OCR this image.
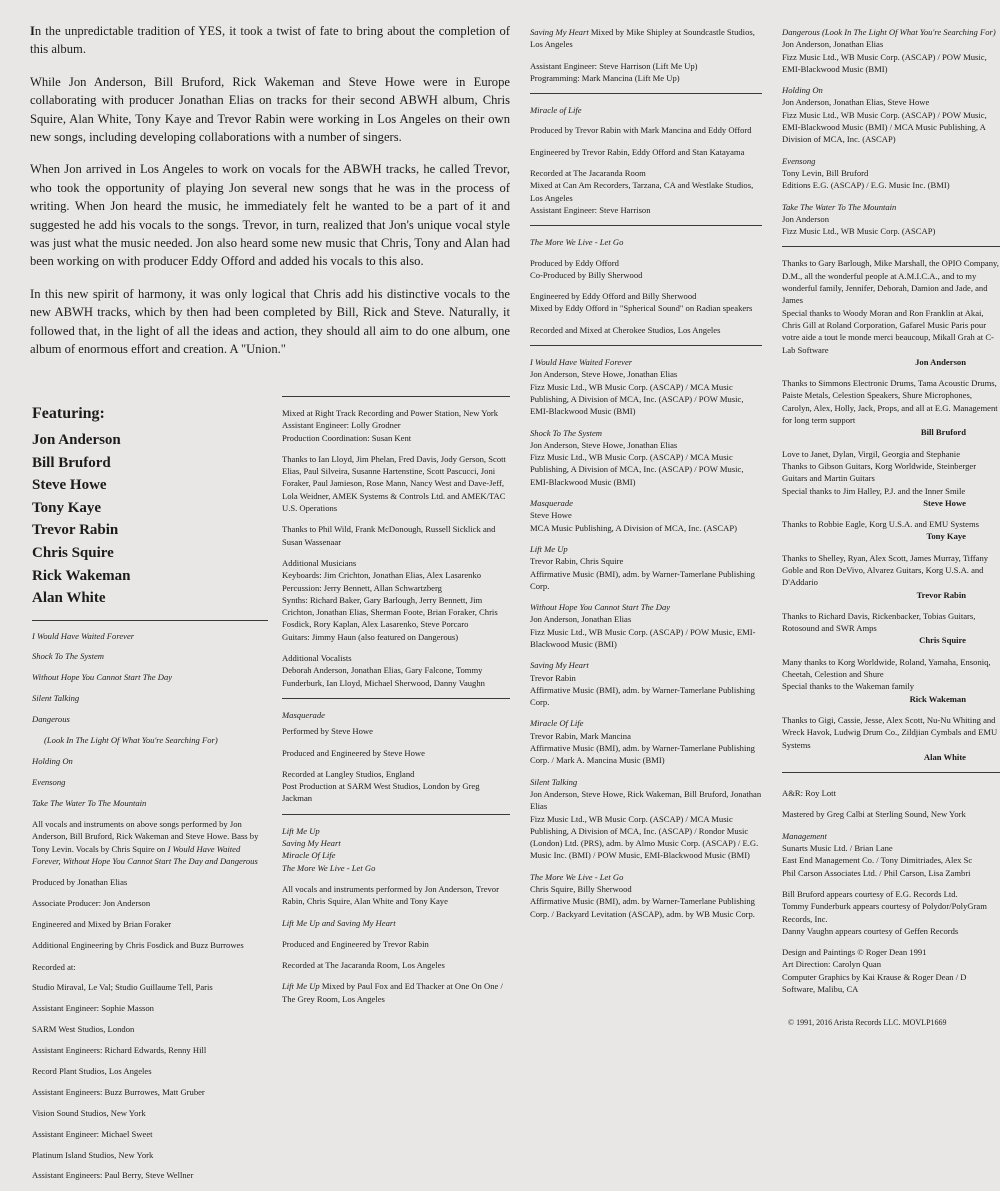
In the unpredictable tradition of YES, it took a twist of fate to bring about the completion of this album.

While Jon Anderson, Bill Bruford, Rick Wakeman and Steve Howe were in Europe collaborating with producer Jonathan Elias on tracks for their second ABWH album, Chris Squire, Alan White, Tony Kaye and Trevor Rabin were working in Los Angeles on their own new songs, including developing collaborations with a number of singers.

When Jon arrived in Los Angeles to work on vocals for the ABWH tracks, he called Trevor, who took the opportunity of playing Jon several new songs that he was in the process of writing. When Jon heard the music, he immediately felt he wanted to be a part of it and suggested he add his vocals to the songs. Trevor, in turn, realized that Jon's unique vocal style was just what the music needed. Jon also heard some new music that Chris, Tony and Alan had been working on with producer Eddy Offord and added his vocals to this also.

In this new spirit of harmony, it was only logical that Chris add his distinctive vocals to the new ABWH tracks, which by then had been completed by Bill, Rick and Steve. Naturally, it followed that, in the light of all the ideas and action, they should all aim to do one album, one album of enormous effort and creation. A "Union."

Featuring:
Jon Anderson
Bill Bruford
Steve Howe
Tony Kaye
Trevor Rabin
Chris Squire
Rick Wakeman
Alan White

I Would Have Waited Forever

Shock To The System

Without Hope You Cannot Start The Day

Silent Talking

Dangerous

(Look In The Light Of What You're Searching For)

Holding On

Evensong

Take The Water To The Mountain

All vocals and instruments on above songs performed by Jon Anderson, Bill Bruford, Rick Wakeman and Steve Howe. Bass by Tony Levin. Vocals by Chris Squire on I Would Have Waited Forever, Without Hope You Cannot Start The Day and Dangerous

Produced by Jonathan Elias

Associate Producer: Jon Anderson

Engineered and Mixed by Brian Foraker

Additional Engineering by Chris Fosdick and Buzz Burrowes

Recorded at:

Studio Miraval, Le Val; Studio Guillaume Tell, Paris

Assistant Engineer: Sophie Masson

SARM West Studios, London

Assistant Engineers: Richard Edwards, Renny Hill

Record Plant Studios, Los Angeles

Assistant Engineers: Buzz Burrowes, Matt Gruber

Vision Sound Studios, New York

Assistant Engineer: Michael Sweet

Platinum Island Studios, New York

Assistant Engineers: Paul Berry, Steve Wellner

Mixed at Right Track Recording and Power Station, New York

Assistant Engineer: Lolly Grodner

Production Coordination: Susan Kent

Thanks to Ian Lloyd, Jim Phelan, Fred Davis, Jody Gerson, Scott Elias, Paul Silveira, Susanne Hartenstine, Scott Pascucci, Joni Foraker, Paul Jamieson, Rose Mann, Nancy West and Dave-Jeff, Lola Weidner, AMEK Systems & Controls Ltd. and AMEK/TAC U.S. Operations

Thanks to Phil Wild, Frank McDonough, Russell Sicklick and Susan Wassenaar

Additional Musicians

Keyboards: Jim Crichton, Jonathan Elias, Alex Lasarenko

Percussion: Jerry Bennett, Allan Schwartzberg

Synths: Richard Baker, Gary Barlough, Jerry Bennett, Jim Crichton, Jonathan Elias, Sherman Foote, Brian Foraker, Chris Fosdick, Rory Kaplan, Alex Lasarenko, Steve Porcaro

Guitars: Jimmy Haun (also featured on Dangerous)

Additional Vocalists

Deborah Anderson, Jonathan Elias, Gary Falcone, Tommy Funderburk, Ian Lloyd, Michael Sherwood, Danny Vaughn

Masquerade

Performed by Steve Howe

Produced and Engineered by Steve Howe

Recorded at Langley Studios, England

Post Production at SARM West Studios, London by Greg Jackman

Lift Me Up

Saving My Heart

Miracle Of Life

The More We Live - Let Go

All vocals and instruments performed by Jon Anderson, Trevor Rabin, Chris Squire, Alan White and Tony Kaye

Lift Me Up and Saving My Heart

Produced and Engineered by Trevor Rabin

Recorded at The Jacaranda Room, Los Angeles

Lift Me Up Mixed by Paul Fox and Ed Thacker at One On One / The Grey Room, Los Angeles
Saving My Heart Mixed by Mike Shipley at Soundcastle Studios, Los Angeles

Assistant Engineer: Steve Harrison (Lift Me Up)

Programming: Mark Mancina (Lift Me Up)

Miracle of Life

Produced by Trevor Rabin with Mark Mancina and Eddy Offord

Engineered by Trevor Rabin, Eddy Offord and Stan Katayama

Recorded at The Jacaranda Room

Mixed at Can Am Recorders, Tarzana, CA and Westlake Studios, Los Angeles

Assistant Engineer: Steve Harrison

The More We Live - Let Go

Produced by Eddy Offord

Co-Produced by Billy Sherwood

Engineered by Eddy Offord and Billy Sherwood

Mixed by Eddy Offord in "Spherical Sound" on Radian speakers

Recorded and Mixed at Cherokee Studios, Los Angeles

I Would Have Waited Forever

Jon Anderson, Steve Howe, Jonathan Elias
Fizz Music Ltd., WB Music Corp. (ASCAP) / MCA Music Publishing, A Division of MCA, Inc. (ASCAP) / POW Music, EMI-Blackwood Music (BMI)

Shock To The System

Jon Anderson, Steve Howe, Jonathan Elias
Fizz Music Ltd., WB Music Corp. (ASCAP) / MCA Music Publishing, A Division of MCA, Inc. (ASCAP) / POW Music, EMI-Blackwood Music (BMI)

Masquerade

Steve Howe
MCA Music Publishing, A Division of MCA, Inc. (ASCAP)

Lift Me Up

Trevor Rabin, Chris Squire
Affirmative Music (BMI), adm. by Warner-Tamerlane Publishing Corp.

Without Hope You Cannot Start The Day

Jon Anderson, Jonathan Elias
Fizz Music Ltd., WB Music Corp. (ASCAP) / POW Music, EMI-Blackwood Music (BMI)

Saving My Heart

Trevor Rabin
Affirmative Music (BMI), adm. by Warner-Tamerlane Publishing Corp.

Miracle Of Life

Trevor Rabin, Mark Mancina
Affirmative Music (BMI), adm. by Warner-Tamerlane Publishing Corp. / Mark A. Mancina Music (BMI)

Silent Talking

Jon Anderson, Steve Howe, Rick Wakeman, Bill Bruford, Jonathan Elias
Fizz Music Ltd., WB Music Corp. (ASCAP) / MCA Music Publishing, A Division of MCA, Inc. (ASCAP) / Rondor Music (London) Ltd. (PRS), adm. by Almo Music Corp. (ASCAP) / E.G. Music Inc. (BMI) / POW Music, EMI-Blackwood Music (BMI)

The More We Live - Let Go

Chris Squire, Billy Sherwood
Affirmative Music (BMI), adm. by Warner-Tamerlane Publishing Corp. / Backyard Levitation (ASCAP), adm. by WB Music Corp.

Dangerous (Look In The Light Of What You're Searching For)

Jon Anderson, Jonathan Elias
Fizz Music Ltd., WB Music Corp. (ASCAP) / POW Music, EMI-Blackwood Music (BMI)

Holding On

Jon Anderson, Jonathan Elias, Steve Howe
Fizz Music Ltd., WB Music Corp. (ASCAP) / POW Music, EMI-Blackwood Music (BMI) / MCA Music Publishing, A Division of MCA, Inc. (ASCAP)

Evensong

Tony Levin, Bill Bruford
Editions E.G. (ASCAP) / E.G. Music Inc. (BMI)

Take The Water To The Mountain

Jon Anderson
Fizz Music Ltd., WB Music Corp. (ASCAP)

Thanks to Gary Barlough, Mike Marshall, the OPIO Company, D.M., all the wonderful people at A.M.I.C.A., and to my wonderful family, Jennifer, Deborah, Damion and Jade, and James
Special thanks to Woody Moran and Ron Franklin at Akai, Chris Gill at Roland Corporation, Gafarel Music Paris pour votre aide a tout le monde merci beaucoup, Mikall Grah at C-Lab Software

Jon Anderson

Thanks to Simmons Electronic Drums, Tama Acoustic Drums, Paiste Metals, Celestion Speakers, Shure Microphones, Carolyn, Alex, Holly, Jack, Props, and all at E.G. Management for long term support

Bill Bruford

Love to Janet, Dylan, Virgil, Georgia and Stephanie
Thanks to Gibson Guitars, Korg Worldwide, Steinberger Guitars and Martin Guitars
Special thanks to Jim Halley, P.J. and the Inner Smile

Steve Howe

Thanks to Robbie Eagle, Korg U.S.A. and EMU Systems

Tony Kaye

Thanks to Shelley, Ryan, Alex Scott, James Murray, Tiffany Goble and Ron DeVivo, Alvarez Guitars, Korg U.S.A. and D'Addario

Trevor Rabin

Thanks to Richard Davis, Rickenbacker, Tobias Guitars, Rotosound and SWR Amps

Chris Squire

Many thanks to Korg Worldwide, Roland, Yamaha, Ensoniq, Cheetah, Celestion and Shure
Special thanks to the Wakeman family

Rick Wakeman

Thanks to Gigi, Cassie, Jesse, Alex Scott, Nu-Nu Whiting and Wreck Havok, Ludwig Drum Co., Zildjian Cymbals and EMU Systems

Alan White

A&R: Roy Lott

Mastered by Greg Calbi at Sterling Sound, New York

Management

Sunarts Music Ltd. / Brian Lane

East End Management Co. / Tony Dimitriades, Alex Sc

Phil Carson Associates Ltd. / Phil Carson, Lisa Zambri

Bill Bruford appears courtesy of E.G. Records Ltd.

Tommy Funderburk appears courtesy of Polydor/PolyGram Records, Inc.

Danny Vaughn appears courtesy of Geffen Records

Design and Paintings © Roger Dean 1991

Art Direction: Carolyn Quan

Computer Graphics by Kai Krause & Roger Dean / D Software, Malibu, CA

© 1991, 2016 Arista Records LLC. MOVLP1669
